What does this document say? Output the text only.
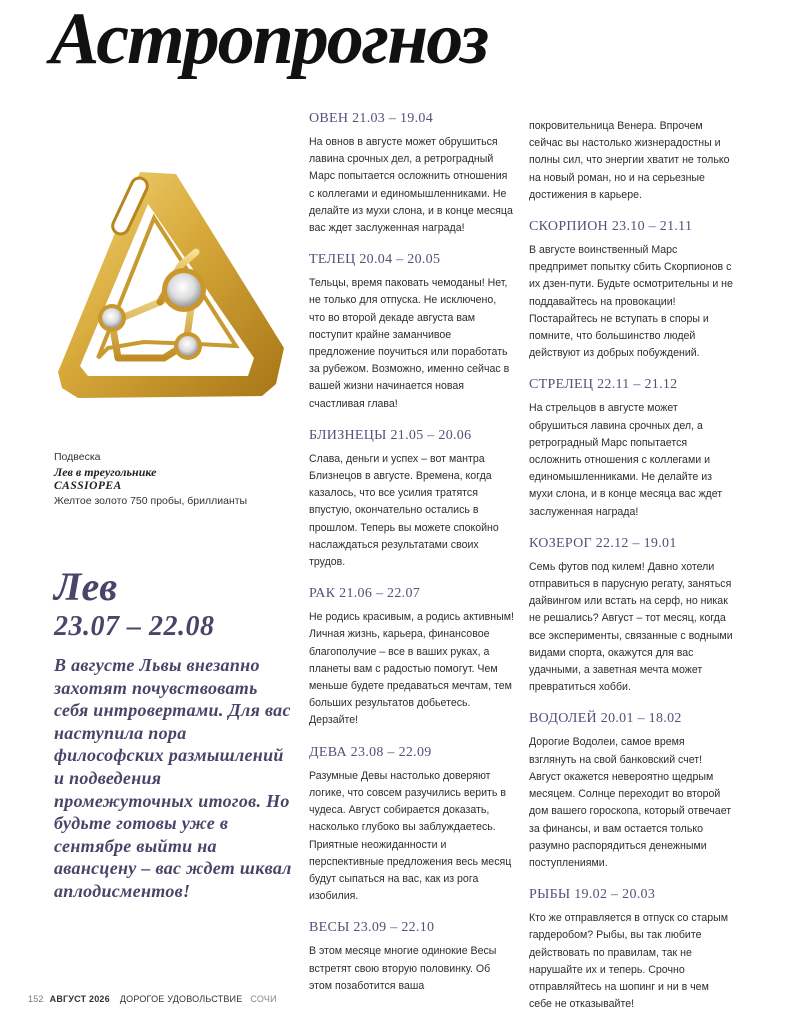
Астропрогноз
Подвеска
Лев в треугольнике
CASSIOPEA
Желтое золото 750 пробы, бриллианты
Лев
23.07 – 22.08
В августе Львы внезапно захотят почувствовать себя интровертами. Для вас наступила пора философских размышлений и подведения промежуточных итогов. Но будьте готовы уже в сентябре выйти на авансцену – вас ждет шквал аплодисментов!
ОВЕН 21.03 – 19.04
На овнов в августе может обрушиться лавина срочных дел, а ретроградный Марс попытается осложнить отношения с коллегами и единомышленниками. Не делайте из мухи слона, и в конце месяца вас ждет заслуженная награда!
ТЕЛЕЦ 20.04 – 20.05
Тельцы, время паковать чемоданы! Нет, не только для отпуска. Не исключено, что во второй декаде августа вам поступит крайне заманчивое предложение поучиться или поработать за рубежом. Возможно, именно сейчас в вашей жизни начинается новая счастливая глава!
БЛИЗНЕЦЫ 21.05 – 20.06
Слава, деньги и успех – вот мантра Близнецов в августе. Времена, когда казалось, что все усилия тратятся впустую, окончательно остались в прошлом. Теперь вы можете спокойно наслаждаться результатами своих трудов.
РАК 21.06 – 22.07
Не родись красивым, а родись активным! Личная жизнь, карьера, финансовое благополучие – все в ваших руках, а планеты вам с радостью помогут. Чем меньше будете предаваться мечтам, тем больших результатов добьетесь. Дерзайте!
ДЕВА 23.08 – 22.09
Разумные Девы настолько доверяют логике, что совсем разучились верить в чудеса. Август собирается доказать, насколько глубоко вы заблуждаетесь. Приятные неожиданности и перспективные предложения весь месяц будут сыпаться на вас, как из рога изобилия.
ВЕСЫ 23.09 – 22.10
В этом месяце многие одинокие Весы встретят свою вторую половинку. Об этом позаботится ваша
покровительница Венера. Впрочем сейчас вы настолько жизнерадостны и полны сил, что энергии хватит не только на новый роман, но и на серьезные достижения в карьере.
СКОРПИОН 23.10 – 21.11
В августе воинственный Марс предпримет попытку сбить Скорпионов с их дзен-пути. Будьте осмотрительны и не поддавайтесь на провокации! Постарайтесь не вступать в споры и помните, что большинство людей действуют из добрых побуждений.
СТРЕЛЕЦ 22.11 – 21.12
На стрельцов в августе может обрушиться лавина срочных дел, а ретроградный Марс попытается осложнить отношения с коллегами и единомышленниками. Не делайте из мухи слона, и в конце месяца вас ждет заслуженная награда!
КОЗЕРОГ 22.12 – 19.01
Семь футов под килем! Давно хотели отправиться в парусную регату, заняться дайвингом или встать на серф, но никак не решались? Август – тот месяц, когда все эксперименты, связанные с водными видами спорта, окажутся для вас удачными, а заветная мечта может превратиться хобби.
ВОДОЛЕЙ 20.01 – 18.02
Дорогие Водолеи, самое время взглянуть на свой банковский счет! Август окажется невероятно щедрым месяцем. Солнце переходит во второй дом вашего гороскопа, который отвечает за финансы, и вам остается только разумно распорядиться денежными поступлениями.
РЫБЫ 19.02 – 20.03
Кто же отправляется в отпуск со старым гардеробом? Рыбы, вы так любите действовать по правилам, так не нарушайте их и теперь. Срочно отправляйтесь на шопинг и ни в чем себе не отказывайте!
152 АВГУСТ 2026 ДОРОГОЕ УДОВОЛЬСТВИЕ СОЧИ
